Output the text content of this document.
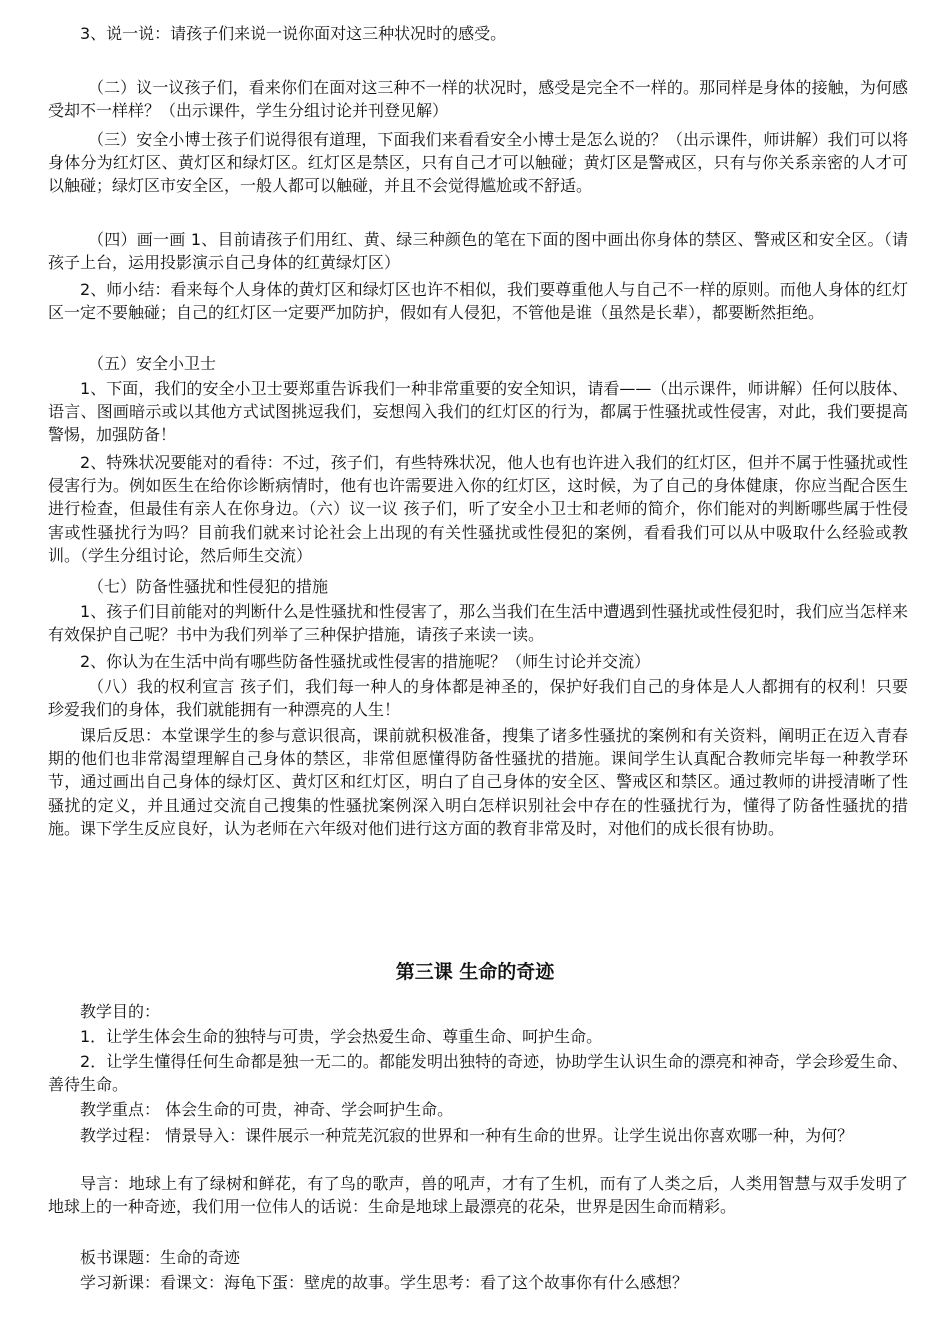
3、说一说：请孩子们来说一说你面对这三种状况时的感受。

（二）议一议孩子们，看来你们在面对这三种不一样的状况时，感受是完全不一样的。那同样是身体的接触，为何感受却不一样样？（出示课件，学生分组讨论并刊登见解）

（三）安全小博士孩子们说得很有道理，下面我们来看看安全小博士是怎么说的？（出示课件，师讲解）我们可以将身体分为红灯区、黄灯区和绿灯区。红灯区是禁区，只有自己才可以触碰；黄灯区是警戒区，只有与你关系亲密的人才可以触碰；绿灯区市安全区，一般人都可以触碰，并且不会觉得尴尬或不舒适。

（四）画一画 1、目前请孩子们用红、黄、绿三种颜色的笔在下面的图中画出你身体的禁区、警戒区和安全区。（请孩子上台，运用投影演示自己身体的红黄绿灯区）

2、师小结：看来每个人身体的黄灯区和绿灯区也许不相似，我们要尊重他人与自己不一样的原则。而他人身体的红灯区一定不要触碰；自己的红灯区一定要严加防护，假如有人侵犯，不管他是谁（虽然是长辈），都要断然拒绝。

（五）安全小卫士

1、下面，我们的安全小卫士要郑重告诉我们一种非常重要的安全知识，请看——（出示课件，师讲解）任何以肢体、语言、图画暗示或以其他方式试图挑逗我们，妄想闯入我们的红灯区的行为，都属于性骚扰或性侵害，对此，我们要提高警惕，加强防备！

2、特殊状况要能对的看待：不过，孩子们，有些特殊状况，他人也有也许进入我们的红灯区，但并不属于性骚扰或性侵害行为。例如医生在给你诊断病情时，他有也许需要进入你的红灯区，这时候，为了自己的身体健康，你应当配合医生进行检查，但最佳有亲人在你身边。（六）议一议 孩子们，听了安全小卫士和老师的简介，你们能对的判断哪些属于性侵害或性骚扰行为吗？目前我们就来讨论社会上出现的有关性骚扰或性侵犯的案例，看看我们可以从中吸取什么经验或教训。（学生分组讨论，然后师生交流）

（七）防备性骚扰和性侵犯的措施

1、孩子们目前能对的判断什么是性骚扰和性侵害了，那么当我们在生活中遭遇到性骚扰或性侵犯时，我们应当怎样来有效保护自己呢？书中为我们列举了三种保护措施，请孩子来读一读。

2、你认为在生活中尚有哪些防备性骚扰或性侵害的措施呢？（师生讨论并交流）

（八）我的权利宣言 孩子们，我们每一种人的身体都是神圣的，保护好我们自己的身体是人人都拥有的权利！只要珍爱我们的身体，我们就能拥有一种漂亮的人生！

课后反思：本堂课学生的参与意识很高，课前就积极准备，搜集了诸多性骚扰的案例和有关资料，阐明正在迈入青春期的他们也非常渴望理解自己身体的禁区，非常但愿懂得防备性骚扰的措施。课间学生认真配合教师完毕每一种教学环节，通过画出自己身体的绿灯区、黄灯区和红灯区，明白了自己身体的安全区、警戒区和禁区。通过教师的讲授清晰了性骚扰的定义，并且通过交流自己搜集的性骚扰案例深入明白怎样识别社会中存在的性骚扰行为，懂得了防备性骚扰的措施。课下学生反应良好，认为老师在六年级对他们进行这方面的教育非常及时，对他们的成长很有协助。

第三课 生命的奇迹

教学目的：

1．让学生体会生命的独特与可贵，学会热爱生命、尊重生命、呵护生命。

2．让学生懂得任何生命都是独一无二的。都能发明出独特的奇迹，协助学生认识生命的漂亮和神奇，学会珍爱生命、善待生命。

教学重点： 体会生命的可贵，神奇、学会呵护生命。

教学过程： 情景导入：课件展示一种荒芜沉寂的世界和一种有生命的世界。让学生说出你喜欢哪一种，为何？

导言：地球上有了绿树和鲜花，有了鸟的歌声，兽的吼声，才有了生机，而有了人类之后，人类用智慧与双手发明了地球上的一种奇迹，我们用一位伟人的话说：生命是地球上最漂亮的花朵，世界是因生命而精彩。

板书课题：生命的奇迹

学习新课：看课文：海龟下蛋：壁虎的故事。学生思考：看了这个故事你有什么感想？
